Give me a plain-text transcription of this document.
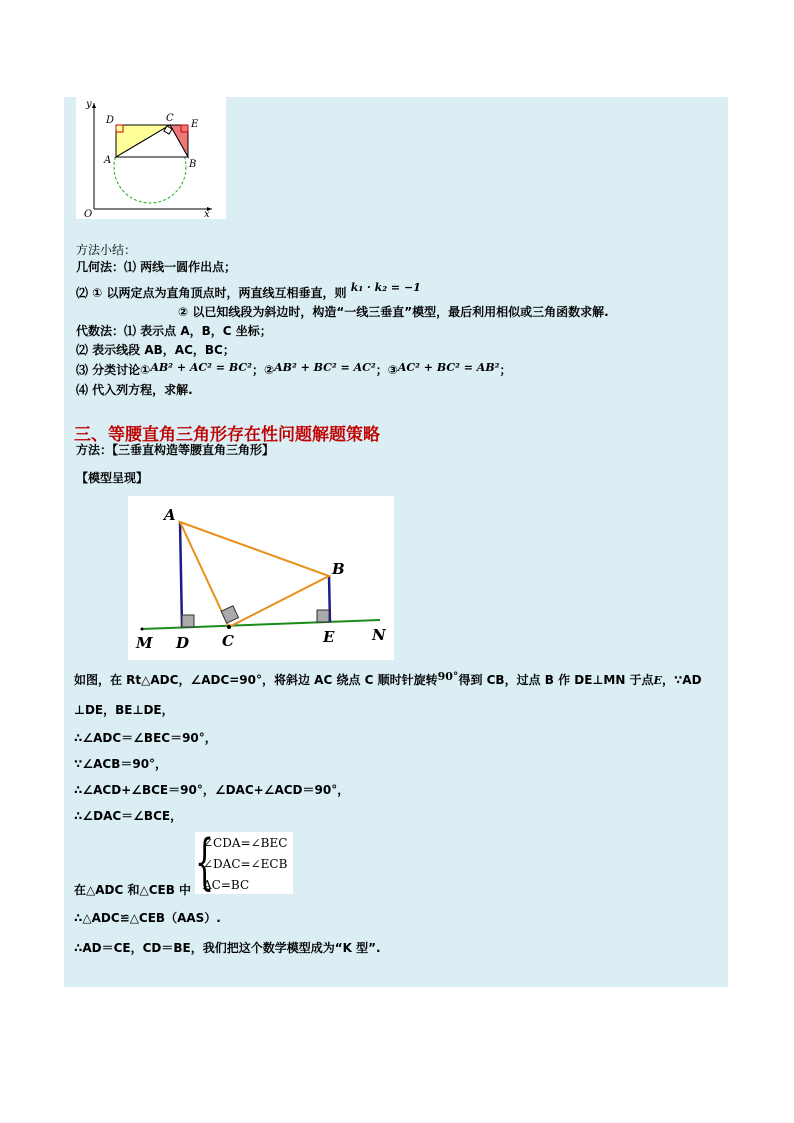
y
x
O
A	B
C
D	E
方法小结：
几何法：⑴ 两线一圆作出点；
⑵ ① 以两定点为直角顶点时，两直线互相垂直，则 k₁ · k₂ = −1
② 以已知线段为斜边时，构造“一线三垂直”模型，最后利用相似或三角函数求解.
代数法：⑴ 表示点 A，B，C 坐标；
⑵ 表示线段 AB，AC，BC；
⑶ 分类讨论①AB² + AC² = BC²；②AB² + BC² = AC²；③AC² + BC² = AB²；
⑷ 代入列方程，求解.
三、等腰直角三角形存在性问题解题策略
方法：【三垂直构造等腰直角三角形】
【模型呈现】
A
B
C
D	E
M	N
如图，在 Rt△ADC，∠ADC=90°，将斜边 AC 绕点 C 顺时针旋转90°得到 CB，过点 B 作 DE⊥MN 于点E，∵AD
⊥DE，BE⊥DE，
∴∠ADC＝∠BEC＝90°，
∵∠ACB＝90°，
∴∠ACD+∠BCE＝90°，∠DAC+∠ACD＝90°，
∴∠DAC＝∠BCE，
{
∠CDA=∠BEC
∠DAC=∠ECB
AC=BC
在△ADC 和△CEB 中
∴△ADC≌△CEB（AAS）.
∴AD＝CE，CD＝BE，我们把这个数学模型成为“K 型”.
